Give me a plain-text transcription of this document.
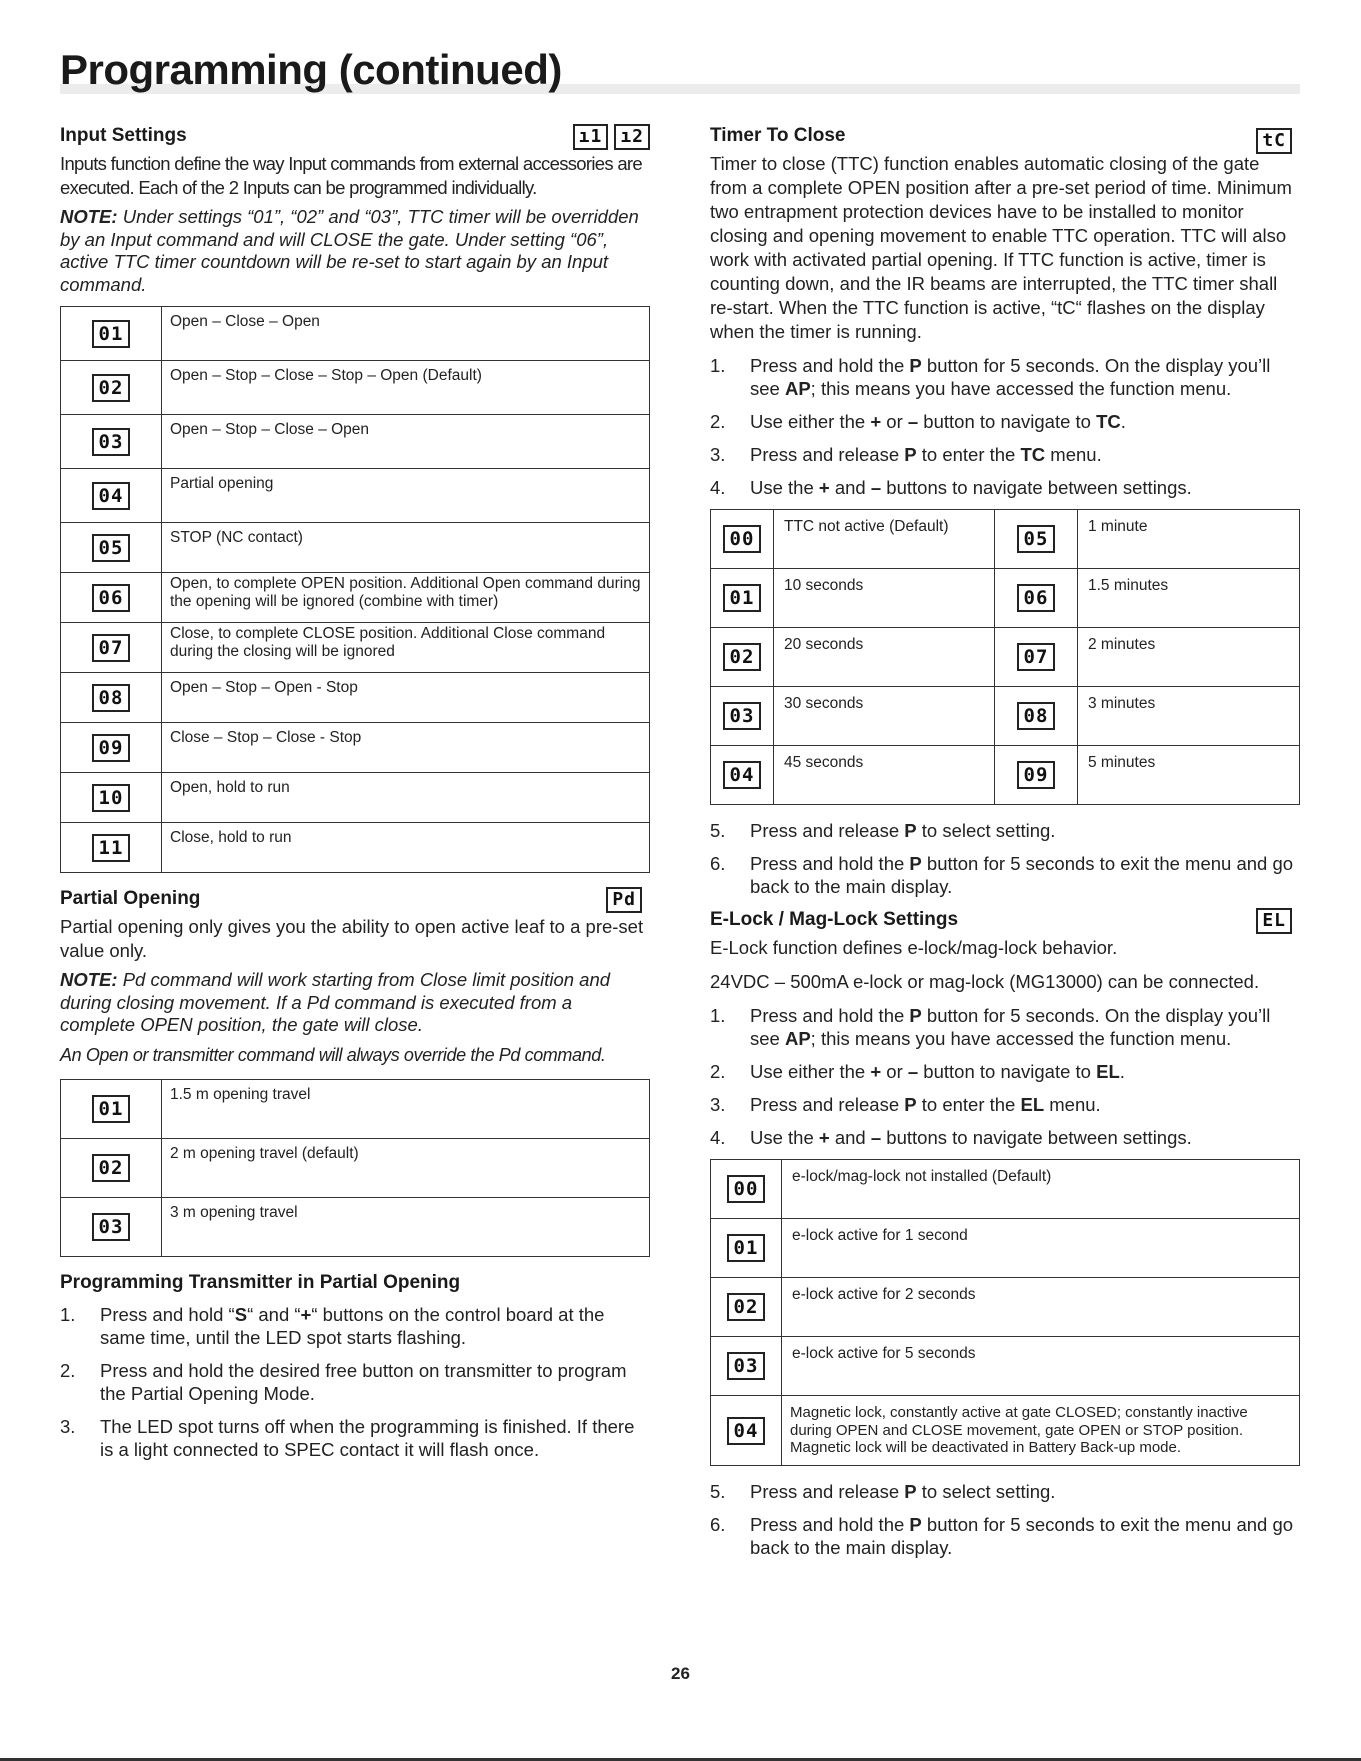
Programming (continued)
Input Settings	ı1	ı2

Inputs function define the way Input commands from external accessories are executed. Each of the 2 Inputs can be programmed individually.

NOTE: Under settings “01”, “02” and “03”, TTC timer will be overridden by an Input command and will CLOSE the gate. Under setting “06”, active TTC timer countdown will be re-set to start again by an Input command.

01	Open – Close – Open
02	Open – Stop – Close – Stop – Open (Default)
03	Open – Stop – Close – Open
04	Partial opening
05	STOP (NC contact)
06	Open, to complete OPEN position. Additional Open command during the opening will be ignored (combine with timer)
07	Close, to complete CLOSE position. Additional Close command during the closing will be ignored
08	Open – Stop – Open - Stop
09	Close – Stop – Close - Stop
10	Open, hold to run
11	Close, hold to run
Partial Opening	Pd

Partial opening only gives you the ability to open active leaf to a pre-set value only.

NOTE: Pd command will work starting from Close limit position and during closing movement. If a Pd command is executed from a complete OPEN position, the gate will close.

An Open or transmitter command will always override the Pd command.

01	1.5 m opening travel
02	2 m opening travel (default)
03	3 m opening travel
Programming Transmitter in Partial Opening
1. Press and hold “S“ and “+“ buttons on the control board at the same time, until the LED spot starts flashing.
2. Press and hold the desired free button on transmitter to program the Partial Opening Mode.
3. The LED spot turns off when the programming is finished. If there is a light connected to SPEC contact it will flash once.
Timer To Close	tC

Timer to close (TTC) function enables automatic closing of the gate from a complete OPEN position after a pre-set period of time. Minimum two entrapment protection devices have to be installed to monitor closing and opening movement to enable TTC operation. TTC will also work with activated partial opening. If TTC function is active, timer is counting down, and the IR beams are interrupted, the TTC timer shall re-start. When the TTC function is active, “tC“ flashes on the display when the timer is running.

1. Press and hold the P button for 5 seconds. On the display you’ll see AP; this means you have accessed the function menu.
2. Use either the + or – button to navigate to TC.
3. Press and release P to enter the TC menu.
4. Use the + and – buttons to navigate between settings.
00	TTC not active (Default)	05	1 minute
01	10 seconds	06	1.5 minutes
02	20 seconds	07	2 minutes
03	30 seconds	08	3 minutes
04	45 seconds	09	5 minutes
5. Press and release P to select setting.
6. Press and hold the P button for 5 seconds to exit the menu and go back to the main display.
E-Lock / Mag-Lock Settings	EL

E-Lock function defines e-lock/mag-lock behavior.

24VDC – 500mA e-lock or mag-lock (MG13000) can be connected.

1. Press and hold the P button for 5 seconds. On the display you’ll see AP; this means you have accessed the function menu.
2. Use either the + or – button to navigate to EL.
3. Press and release P to enter the EL menu.
4. Use the + and – buttons to navigate between settings.
00	e-lock/mag-lock not installed (Default)
01	e-lock active for 1 second
02	e-lock active for 2 seconds
03	e-lock active for 5 seconds
04	Magnetic lock, constantly active at gate CLOSED; constantly inactive during OPEN and CLOSE movement, gate OPEN or STOP position. Magnetic lock will be deactivated in Battery Back-up mode.
5. Press and release P to select setting.
6. Press and hold the P button for 5 seconds to exit the menu and go back to the main display.
26
